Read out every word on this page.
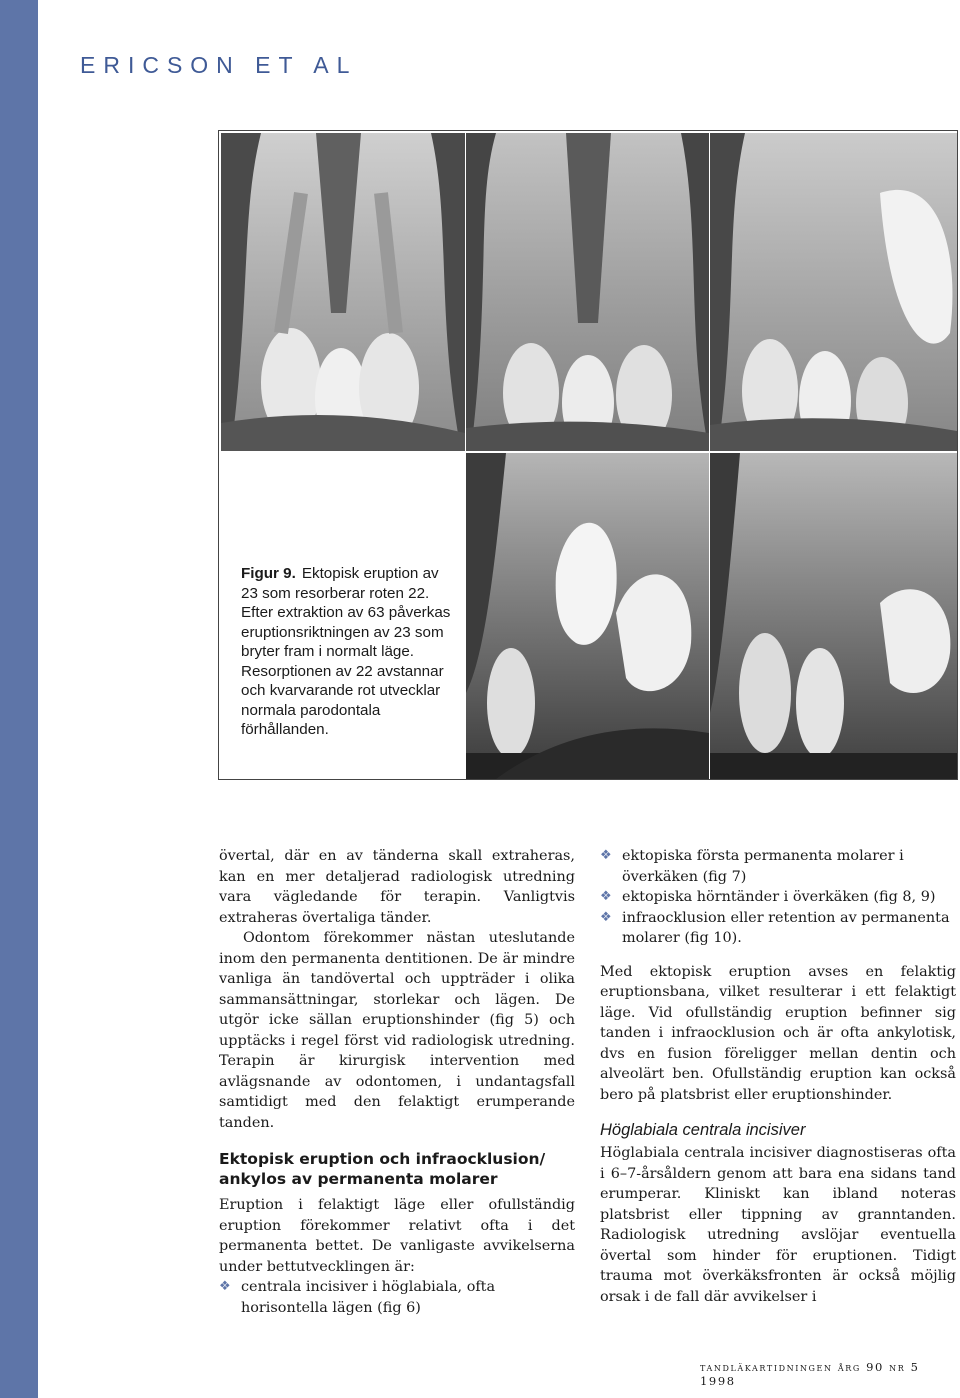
ERICSON ET AL
Figur 9. Ektopisk eruption av 23 som resorberar roten 22. Efter extraktion av 63 påverkas eruptionsriktningen av 23 som bryter fram i normalt läge. Resorptionen av 22 avstannar och kvarvarande rot utvecklar normala parodontala förhållanden.

övertal, där en av tänderna skall extraheras, kan en mer detaljerad radiologisk utredning vara vägledande för terapin. Vanligtvis extraheras övertaliga tänder.

Odontom förekommer nästan uteslutande inom den permanenta dentitionen. De är mindre vanliga än tandövertal och uppträder i olika sammansättningar, storlekar och lägen. De utgör icke sällan eruptionshinder (fig 5) och upptäcks i regel först vid radiologisk utredning. Terapin är kirurgisk intervention med avlägsnande av odontomen, i undantagsfall samtidigt med den felaktigt erumperande tanden.

Ektopisk eruption och infraocklusion/ ankylos av permanenta molarer

Eruption i felaktigt läge eller ofullständig eruption förekommer relativt ofta i det permanenta bettet. De vanligaste avvikelserna under bettutvecklingen är:

❖ centrala incisiver i höglabiala, ofta horisontella lägen (fig 6)
❖ ektopiska första permanenta molarer i överkäken (fig 7)
❖ ektopiska hörntänder i överkäken (fig 8, 9)
❖ infraocklusion eller retention av permanenta molarer (fig 10).

Med ektopisk eruption avses en felaktig eruptionsbana, vilket resulterar i ett felaktigt läge. Vid ofullständig eruption befinner sig tanden i infraocklusion och är ofta ankylotisk, dvs en fusion föreligger mellan dentin och alveolärt ben. Ofullständig eruption kan också bero på platsbrist eller eruptionshinder.

Höglabiala centrala incisiver

Höglabiala centrala incisiver diagnostiseras ofta i 6–7-årsåldern genom att bara ena sidans tand erumperar. Kliniskt kan ibland noteras platsbrist eller tippning av granntanden. Radiologisk utredning avslöjar eventuella övertal som hinder för eruptionen. Tidigt trauma mot överkäksfronten är också möjlig orsak i de fall där avvikelser i

tandläkartidningen årg 90 nr 5 1998
